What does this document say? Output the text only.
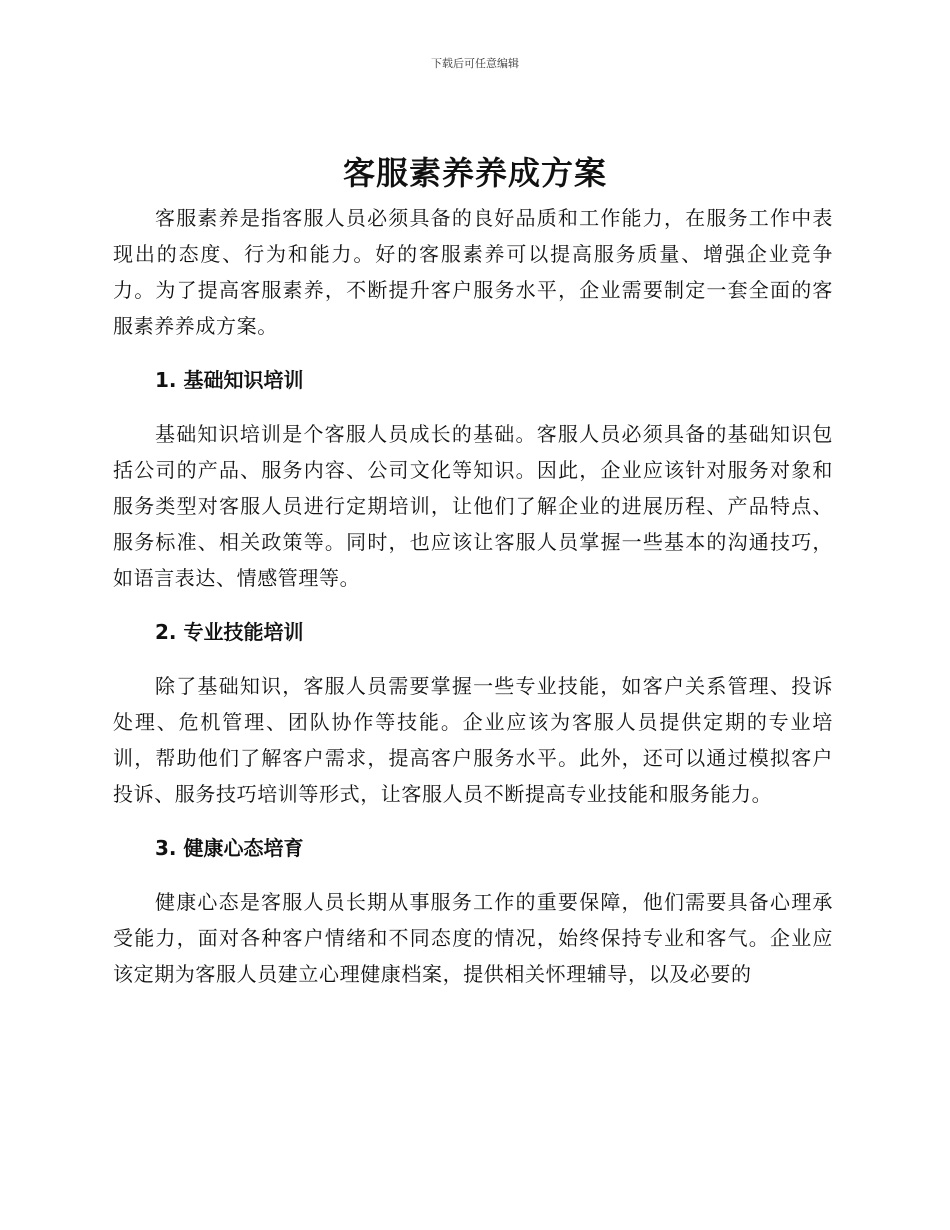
下载后可任意编辑
客服素养养成方案

客服素养是指客服人员必须具备的良好品质和工作能力，在服务工作中表现出的态度、行为和能力。好的客服素养可以提高服务质量、增强企业竞争力。为了提高客服素养，不断提升客户服务水平，企业需要制定一套全面的客服素养养成方案。

1. 基础知识培训

基础知识培训是个客服人员成长的基础。客服人员必须具备的基础知识包括公司的产品、服务内容、公司文化等知识。因此，企业应该针对服务对象和服务类型对客服人员进行定期培训，让他们了解企业的进展历程、产品特点、服务标准、相关政策等。同时，也应该让客服人员掌握一些基本的沟通技巧，如语言表达、情感管理等。

2. 专业技能培训

除了基础知识，客服人员需要掌握一些专业技能，如客户关系管理、投诉处理、危机管理、团队协作等技能。企业应该为客服人员提供定期的专业培训，帮助他们了解客户需求，提高客户服务水平。此外，还可以通过模拟客户投诉、服务技巧培训等形式，让客服人员不断提高专业技能和服务能力。

3. 健康心态培育

健康心态是客服人员长期从事服务工作的重要保障，他们需要具备心理承受能力，面对各种客户情绪和不同态度的情况，始终保持专业和客气。企业应该定期为客服人员建立心理健康档案，提供相关怀理辅导，以及必要的
